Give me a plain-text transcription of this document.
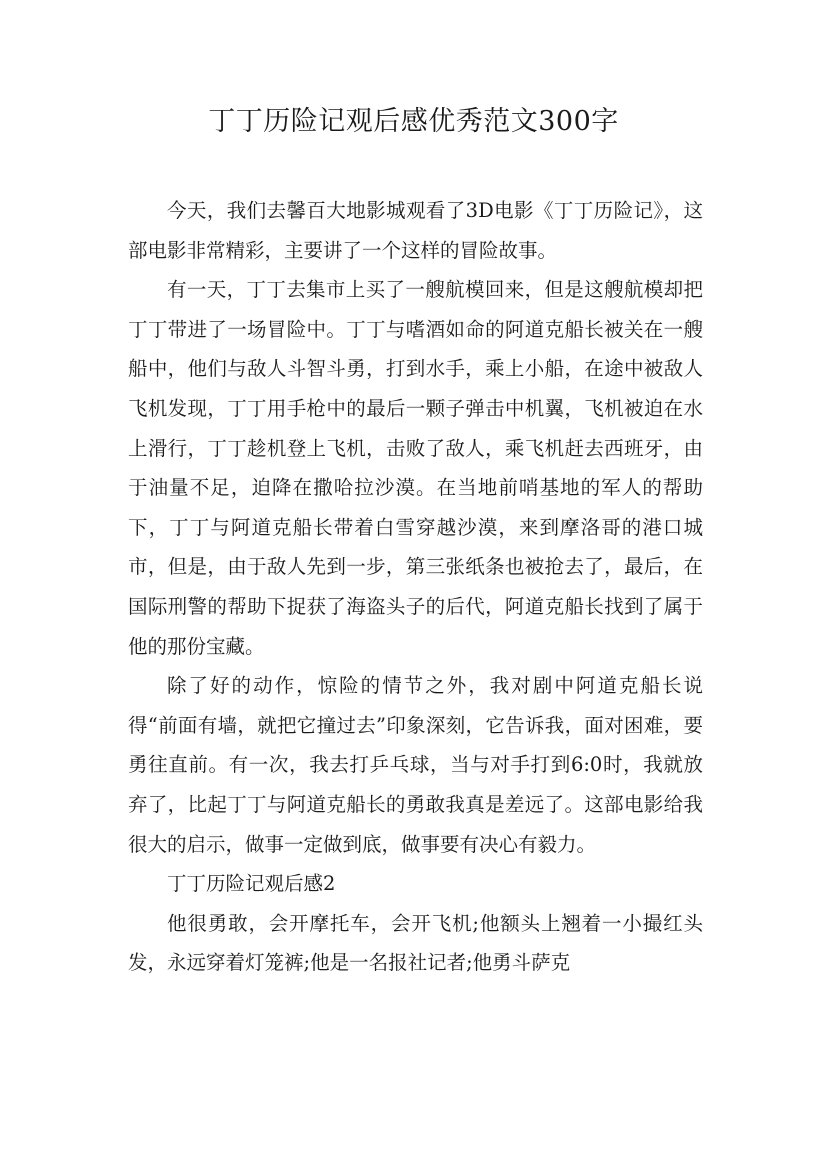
丁丁历险记观后感优秀范文300字

今天，我们去馨百大地影城观看了3D电影《丁丁历险记》，这部电影非常精彩，主要讲了一个这样的冒险故事。

有一天，丁丁去集市上买了一艘航模回来，但是这艘航模却把丁丁带进了一场冒险中。丁丁与嗜酒如命的阿道克船长被关在一艘船中，他们与敌人斗智斗勇，打到水手，乘上小船，在途中被敌人飞机发现，丁丁用手枪中的最后一颗子弹击中机翼，飞机被迫在水上滑行，丁丁趁机登上飞机，击败了敌人，乘飞机赶去西班牙，由于油量不足，迫降在撒哈拉沙漠。在当地前哨基地的军人的帮助下，丁丁与阿道克船长带着白雪穿越沙漠，来到摩洛哥的港口城市，但是，由于敌人先到一步，第三张纸条也被抢去了，最后，在国际刑警的帮助下捉获了海盗头子的后代，阿道克船长找到了属于他的那份宝藏。

除了好的动作，惊险的情节之外，我对剧中阿道克船长说得“前面有墙，就把它撞过去”印象深刻，它告诉我，面对困难，要勇往直前。有一次，我去打乒乓球，当与对手打到6:0时，我就放弃了，比起丁丁与阿道克船长的勇敢我真是差远了。这部电影给我很大的启示，做事一定做到底，做事要有决心有毅力。

丁丁历险记观后感2

他很勇敢，会开摩托车，会开飞机;他额头上翘着一小撮红头发，永远穿着灯笼裤;他是一名报社记者;他勇斗萨克
